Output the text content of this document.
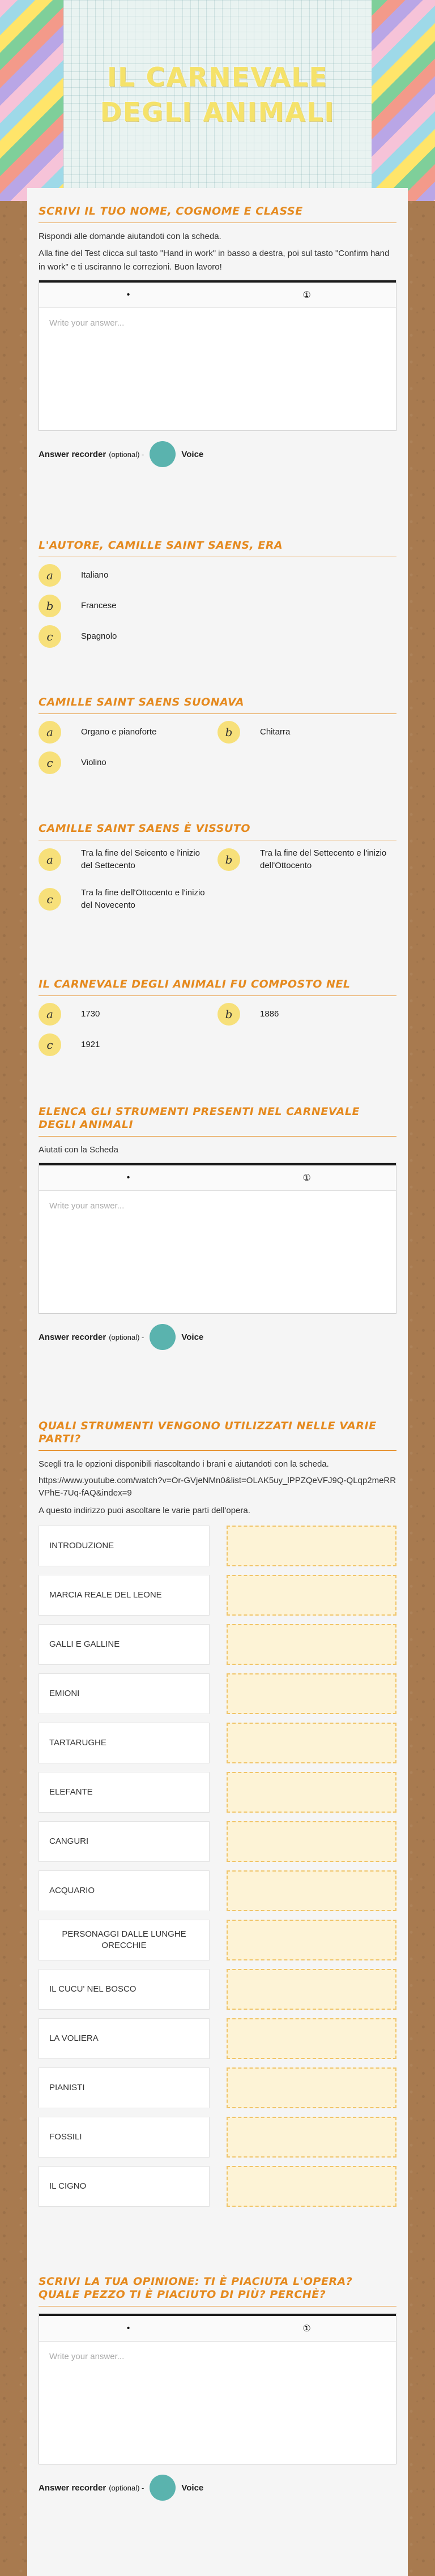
IL CARNEVALE DEGLI ANIMALI
SCRIVI IL TUO NOME, COGNOME E CLASSE

Rispondi alle domande aiutandoti con la scheda.

Alla fine del Test clicca sul tasto "Hand in work" in basso a destra, poi sul tasto "Confirm hand in work" e ti usciranno le correzioni. Buon lavoro!

•	①
Write your answer...
Answer recorder (optional) -	Voice
L'AUTORE, CAMILLE SAINT SAENS, ERA
a	Italiano
b	Francese
c	Spagnolo
CAMILLE SAINT SAENS SUONAVA
a	Organo e pianoforte	b	Chitarra
c	Violino
CAMILLE SAINT SAENS È VISSUTO
a	Tra la fine del Seicento e l'inizio del Settecento	b	Tra la fine del Settecento e l'inizio dell'Ottocento
c	Tra la fine dell'Ottocento e l'inizio del Novecento
IL CARNEVALE DEGLI ANIMALI FU COMPOSTO NEL
a	1730	b	1886
c	1921
ELENCA GLI STRUMENTI PRESENTI NEL CARNEVALE DEGLI ANIMALI

Aiutati con la Scheda

•	①
Write your answer...
Answer recorder (optional) -	Voice
QUALI STRUMENTI VENGONO UTILIZZATI NELLE VARIE PARTI?

Scegli tra le opzioni disponibili riascoltando i brani e aiutandoti con la scheda.

https://www.youtube.com/watch?v=Or-GVjeNMn0&list=OLAK5uy_lPPZQeVFJ9Q-QLqp2meRRVPhE-7Uq-fAQ&index=9

A questo indirizzo puoi ascoltare le varie parti dell'opera.

INTRODUZIONE
MARCIA REALE DEL LEONE
GALLI E GALLINE
EMIONI
TARTARUGHE
ELEFANTE
CANGURI
ACQUARIO
PERSONAGGI DALLE LUNGHE ORECCHIE
IL CUCU' NEL BOSCO
LA VOLIERA
PIANISTI
FOSSILI
IL CIGNO
SCRIVI LA TUA OPINIONE: TI È PIACIUTA L'OPERA? QUALE PEZZO TI È PIACIUTO DI PIÙ? PERCHÈ?
•	①
Write your answer...
Answer recorder (optional) -	Voice
